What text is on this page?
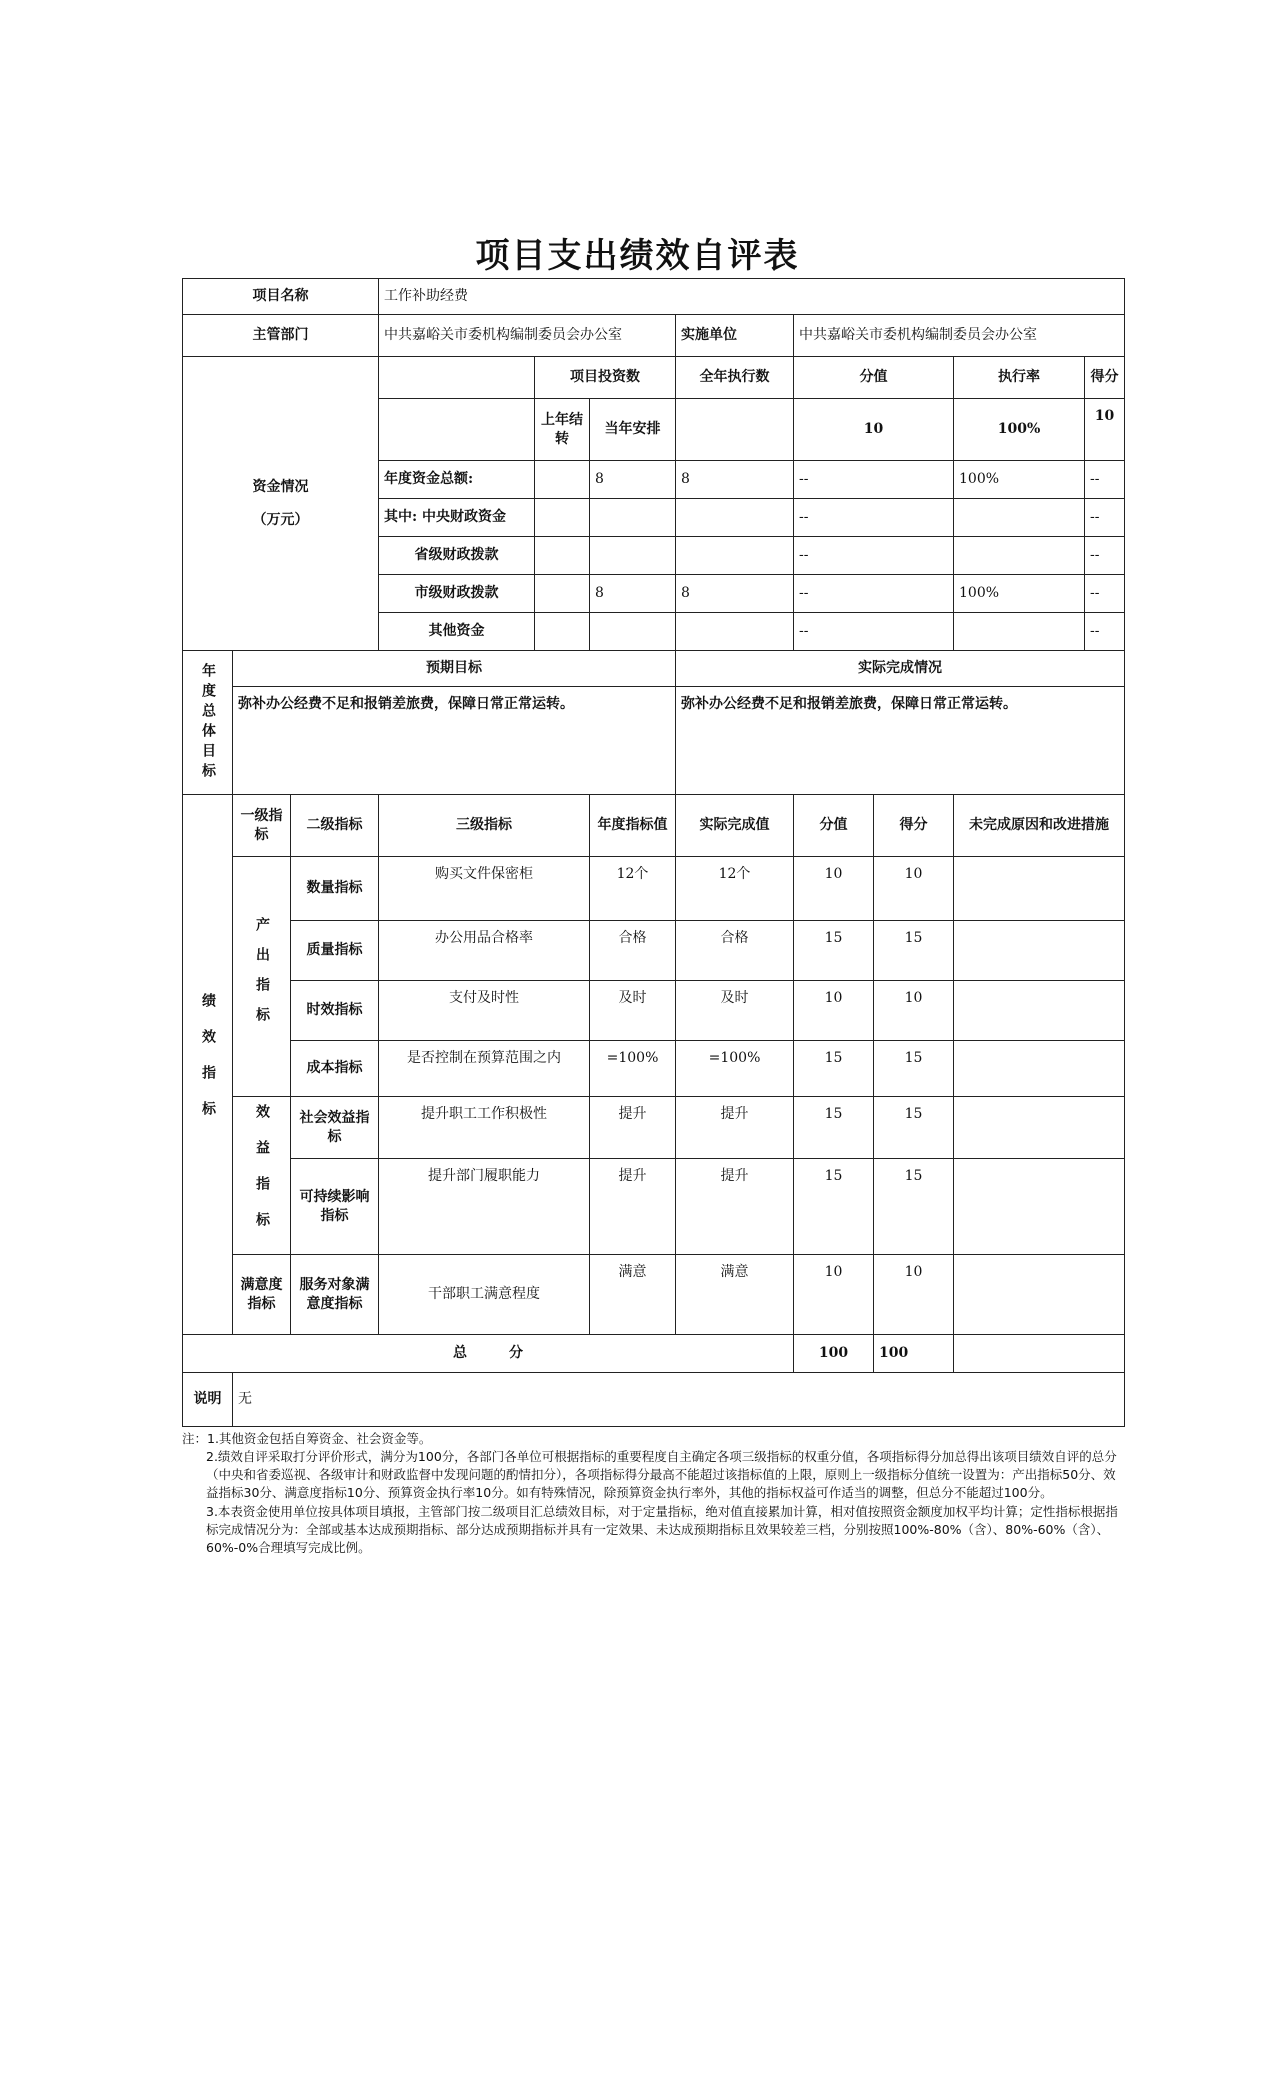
项目支出绩效自评表
项目名称			工作补助经费							
主管部门			中共嘉峪关市委机构编制委员会办公室			实施单位	中共嘉峪关市委机构编制委员会办公室			

资金情况
（万元）				项目投资数		全年执行数	分值		执行率	得分
				上年结转	当年安排		10		100%	10
			年度资金总额:		8	8	--		100%	--
			其中: 中央财政资金				--			--
			省级财政拨款				--			--
			市级财政拨款		8	8	--		100%	--
			其他资金				--			--
年度总体目标	预期目标					实际完成情况				
	弥补办公经费不足和报销差旅费，保障日常正常运转。					弥补办公经费不足和报销差旅费，保障日常正常运转。				
绩效指标	一级指标	二级指标	三级指标		年度指标值	实际完成值	分值	得分	未完成原因和改进措施	
	产出指标	数量指标	购买文件保密柜		12个	12个	10	10		
		质量指标	办公用品合格率		合格	合格	15	15		
		时效指标	支付及时性		及时	及时	10	10		
		成本指标	是否控制在预算范围之内		=100%	=100%	15	15		
	效益指标	社会效益指标	提升职工工作积极性		提升	提升	15	15		
		可持续影响指标	提升部门履职能力		提升	提升	15	15		
	满意度指标	服务对象满意度指标	干部职工满意程度		满意	满意	10	10		
总　　　分							100	100		
说明	无									

注：1.其他资金包括自筹资金、社会资金等。

2.绩效自评采取打分评价形式，满分为100分，各部门各单位可根据指标的重要程度自主确定各项三级指标的权重分值，各项指标得分加总得出该项目绩效自评的总分（中央和省委巡视、各级审计和财政监督中发现问题的酌情扣分），各项指标得分最高不能超过该指标值的上限，原则上一级指标分值统一设置为：产出指标50分、效益指标30分、满意度指标10分、预算资金执行率10分。如有特殊情况，除预算资金执行率外，其他的指标权益可作适当的调整，但总分不能超过100分。

3.本表资金使用单位按具体项目填报，主管部门按二级项目汇总绩效目标，对于定量指标，绝对值直接累加计算，相对值按照资金额度加权平均计算；定性指标根据指标完成情况分为：全部或基本达成预期指标、部分达成预期指标并具有一定效果、未达成预期指标且效果较差三档，分别按照100%-80%（含）、80%-60%（含）、60%-0%合理填写完成比例。
